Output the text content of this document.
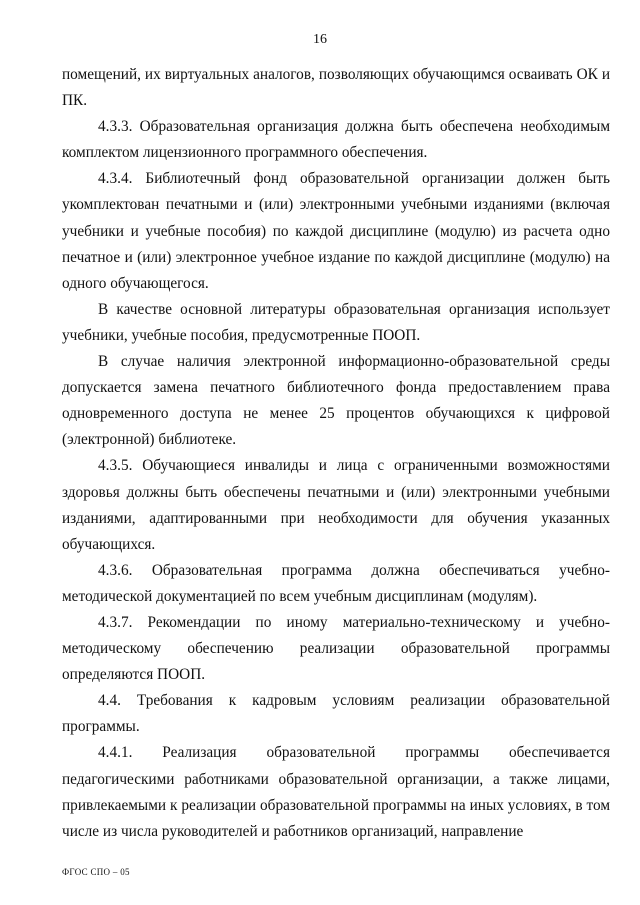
16

помещений, их виртуальных аналогов, позволяющих обучающимся осваивать ОК и ПК.

4.3.3. Образовательная организация должна быть обеспечена необходимым комплектом лицензионного программного обеспечения.

4.3.4. Библиотечный фонд образовательной организации должен быть укомплектован печатными и (или) электронными учебными изданиями (включая учебники и учебные пособия) по каждой дисциплине (модулю) из расчета одно печатное и (или) электронное учебное издание по каждой дисциплине (модулю) на одного обучающегося.

В качестве основной литературы образовательная организация использует учебники, учебные пособия, предусмотренные ПООП.

В случае наличия электронной информационно-образовательной среды допускается замена печатного библиотечного фонда предоставлением права одновременного доступа не менее 25 процентов обучающихся к цифровой (электронной) библиотеке.

4.3.5. Обучающиеся инвалиды и лица с ограниченными возможностями здоровья должны быть обеспечены печатными и (или) электронными учебными изданиями, адаптированными при необходимости для обучения указанных обучающихся.

4.3.6. Образовательная программа должна обеспечиваться учебно-методической документацией по всем учебным дисциплинам (модулям).

4.3.7. Рекомендации по иному материально-техническому и учебно-методическому обеспечению реализации образовательной программы определяются ПООП.

4.4. Требования к кадровым условиям реализации образовательной программы.

4.4.1. Реализация образовательной программы обеспечивается педагогическими работниками образовательной организации, а также лицами, привлекаемыми к реализации образовательной программы на иных условиях, в том числе из числа руководителей и работников организаций, направление

ФГОС СПО – 05
